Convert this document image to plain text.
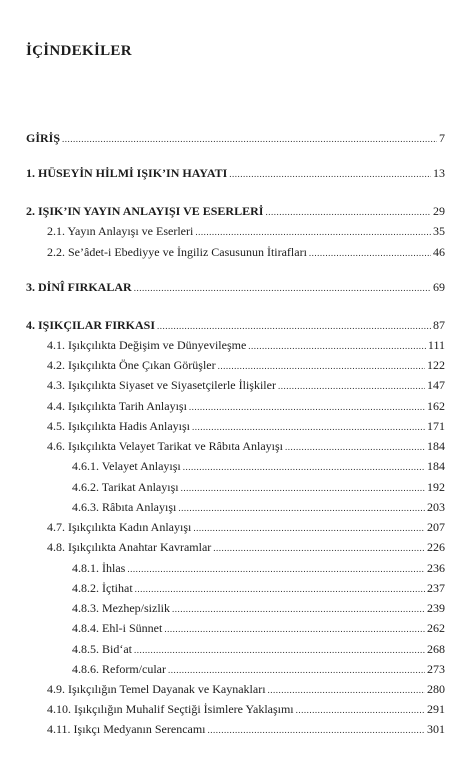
İÇİNDEKİLER
GİRİŞ .....	7
1. HÜSEYİN HİLMİ IŞIK’IN HAYATI .....	13
2. IŞIK’IN YAYIN ANLAYIŞI VE ESERLERİ .....	29
2.1. Yayın Anlayışı ve Eserleri .....	35
2.2. Se’âdet-i Ebediyye ve İngiliz Casusunun İtirafları .....	46
3. DİNÎ FIRKALAR .....	69
4. IŞIKÇILAR FIRKASI .....	87
4.1. Işıkçılıkta Değişim ve Dünyevileşme .....	111
4.2. Işıkçılıkta Öne Çıkan Görüşler .....	122
4.3. Işıkçılıkta Siyaset ve Siyasetçilerle İlişkiler .....	147
4.4. Işıkçılıkta Tarih Anlayışı .....	162
4.5. Işıkçılıkta Hadis Anlayışı .....	171
4.6. Işıkçılıkta Velayet Tarikat ve Râbıta Anlayışı .....	184
4.6.1. Velayet Anlayışı .....	184
4.6.2. Tarikat Anlayışı .....	192
4.6.3. Râbıta Anlayışı .....	203
4.7. Işıkçılıkta Kadın Anlayışı .....	207
4.8. Işıkçılıkta Anahtar Kavramlar .....	226
4.8.1. İhlas .....	236
4.8.2. İçtihat .....	237
4.8.3. Mezhep/sizlik .....	239
4.8.4. Ehl-i Sünnet .....	262
4.8.5. Bid‘at .....	268
4.8.6. Reform/cular .....	273
4.9. Işıkçılığın Temel Dayanak ve Kaynakları .....	280
4.10. Işıkçılığın Muhalif Seçtiği İsimlere Yaklaşımı .....	291
4.11. Işıkçı Medyanın Serencamı .....	301
